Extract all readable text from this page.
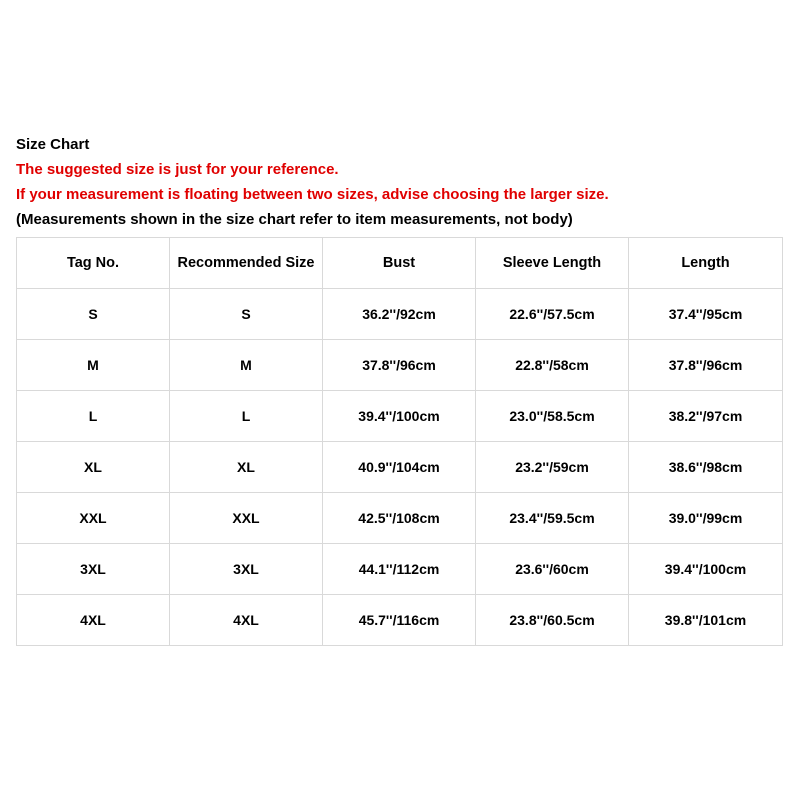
Size Chart
The suggested size is just for your reference.
If your measurement is floating between two sizes, advise choosing the larger size.
(Measurements shown in the size chart refer to item measurements, not body)
Tag No.	Recommended Size	Bust	Sleeve Length	Length
S	S	36.2''/92cm	22.6''/57.5cm	37.4''/95cm
M	M	37.8''/96cm	22.8''/58cm	37.8''/96cm
L	L	39.4''/100cm	23.0''/58.5cm	38.2''/97cm
XL	XL	40.9''/104cm	23.2''/59cm	38.6''/98cm
XXL	XXL	42.5''/108cm	23.4''/59.5cm	39.0''/99cm
3XL	3XL	44.1''/112cm	23.6''/60cm	39.4''/100cm
4XL	4XL	45.7''/116cm	23.8''/60.5cm	39.8''/101cm
